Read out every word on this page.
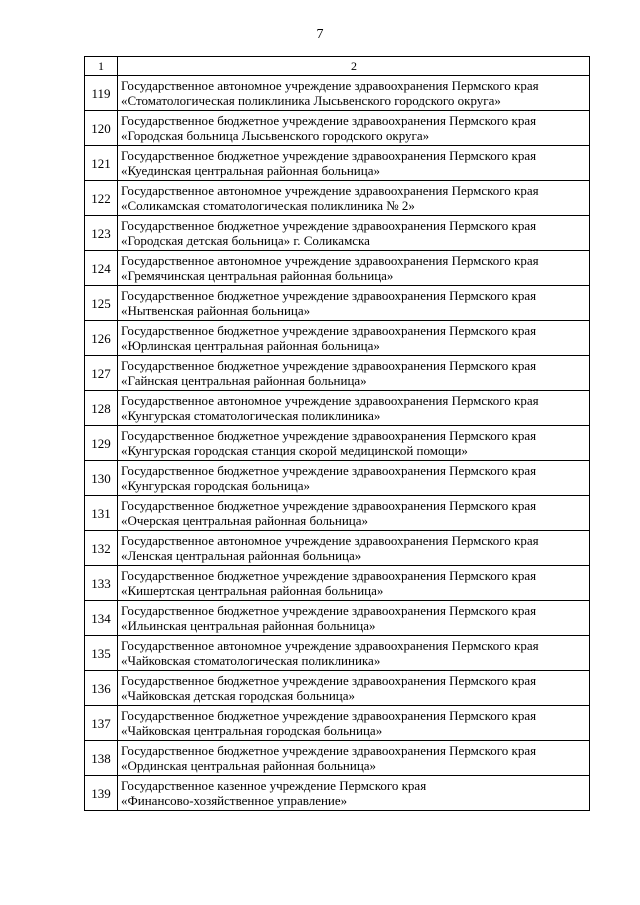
7
1	2
119	Государственное автономное учреждение здравоохранения Пермского края
«Стоматологическая поликлиника Лысьвенского городского округа»

120	Государственное бюджетное учреждение здравоохранения Пермского края
«Городская больница Лысьвенского городского округа»

121	Государственное бюджетное учреждение здравоохранения Пермского края
«Куединская центральная районная больница»

122	Государственное автономное учреждение здравоохранения Пермского края
«Соликамская стоматологическая поликлиника № 2»

123	Государственное бюджетное учреждение здравоохранения Пермского края
«Городская детская больница» г. Соликамска

124	Государственное автономное учреждение здравоохранения Пермского края
«Гремячинская центральная районная больница»

125	Государственное бюджетное учреждение здравоохранения Пермского края
«Нытвенская районная больница»

126	Государственное бюджетное учреждение здравоохранения Пермского края
«Юрлинская центральная районная больница»

127	Государственное бюджетное учреждение здравоохранения Пермского края
«Гайнская центральная районная больница»

128	Государственное автономное учреждение здравоохранения Пермского края
«Кунгурская стоматологическая поликлиника»

129	Государственное бюджетное учреждение здравоохранения Пермского края
«Кунгурская городская станция скорой медицинской помощи»

130	Государственное бюджетное учреждение здравоохранения Пермского края
«Кунгурская городская больница»

131	Государственное бюджетное учреждение здравоохранения Пермского края
«Очерская центральная районная больница»

132	Государственное автономное учреждение здравоохранения Пермского края
«Ленская центральная районная больница»

133	Государственное бюджетное учреждение здравоохранения Пермского края
«Кишертская центральная районная больница»

134	Государственное бюджетное учреждение здравоохранения Пермского края
«Ильинская центральная районная больница»

135	Государственное автономное учреждение здравоохранения Пермского края
«Чайковская стоматологическая поликлиника»

136	Государственное бюджетное учреждение здравоохранения Пермского края
«Чайковская детская городская больница»

137	Государственное бюджетное учреждение здравоохранения Пермского края
«Чайковская центральная городская больница»

138	Государственное бюджетное учреждение здравоохранения Пермского края
«Ординская центральная районная больница»

139	Государственное казенное учреждение Пермского края
«Финансово-хозяйственное управление»
